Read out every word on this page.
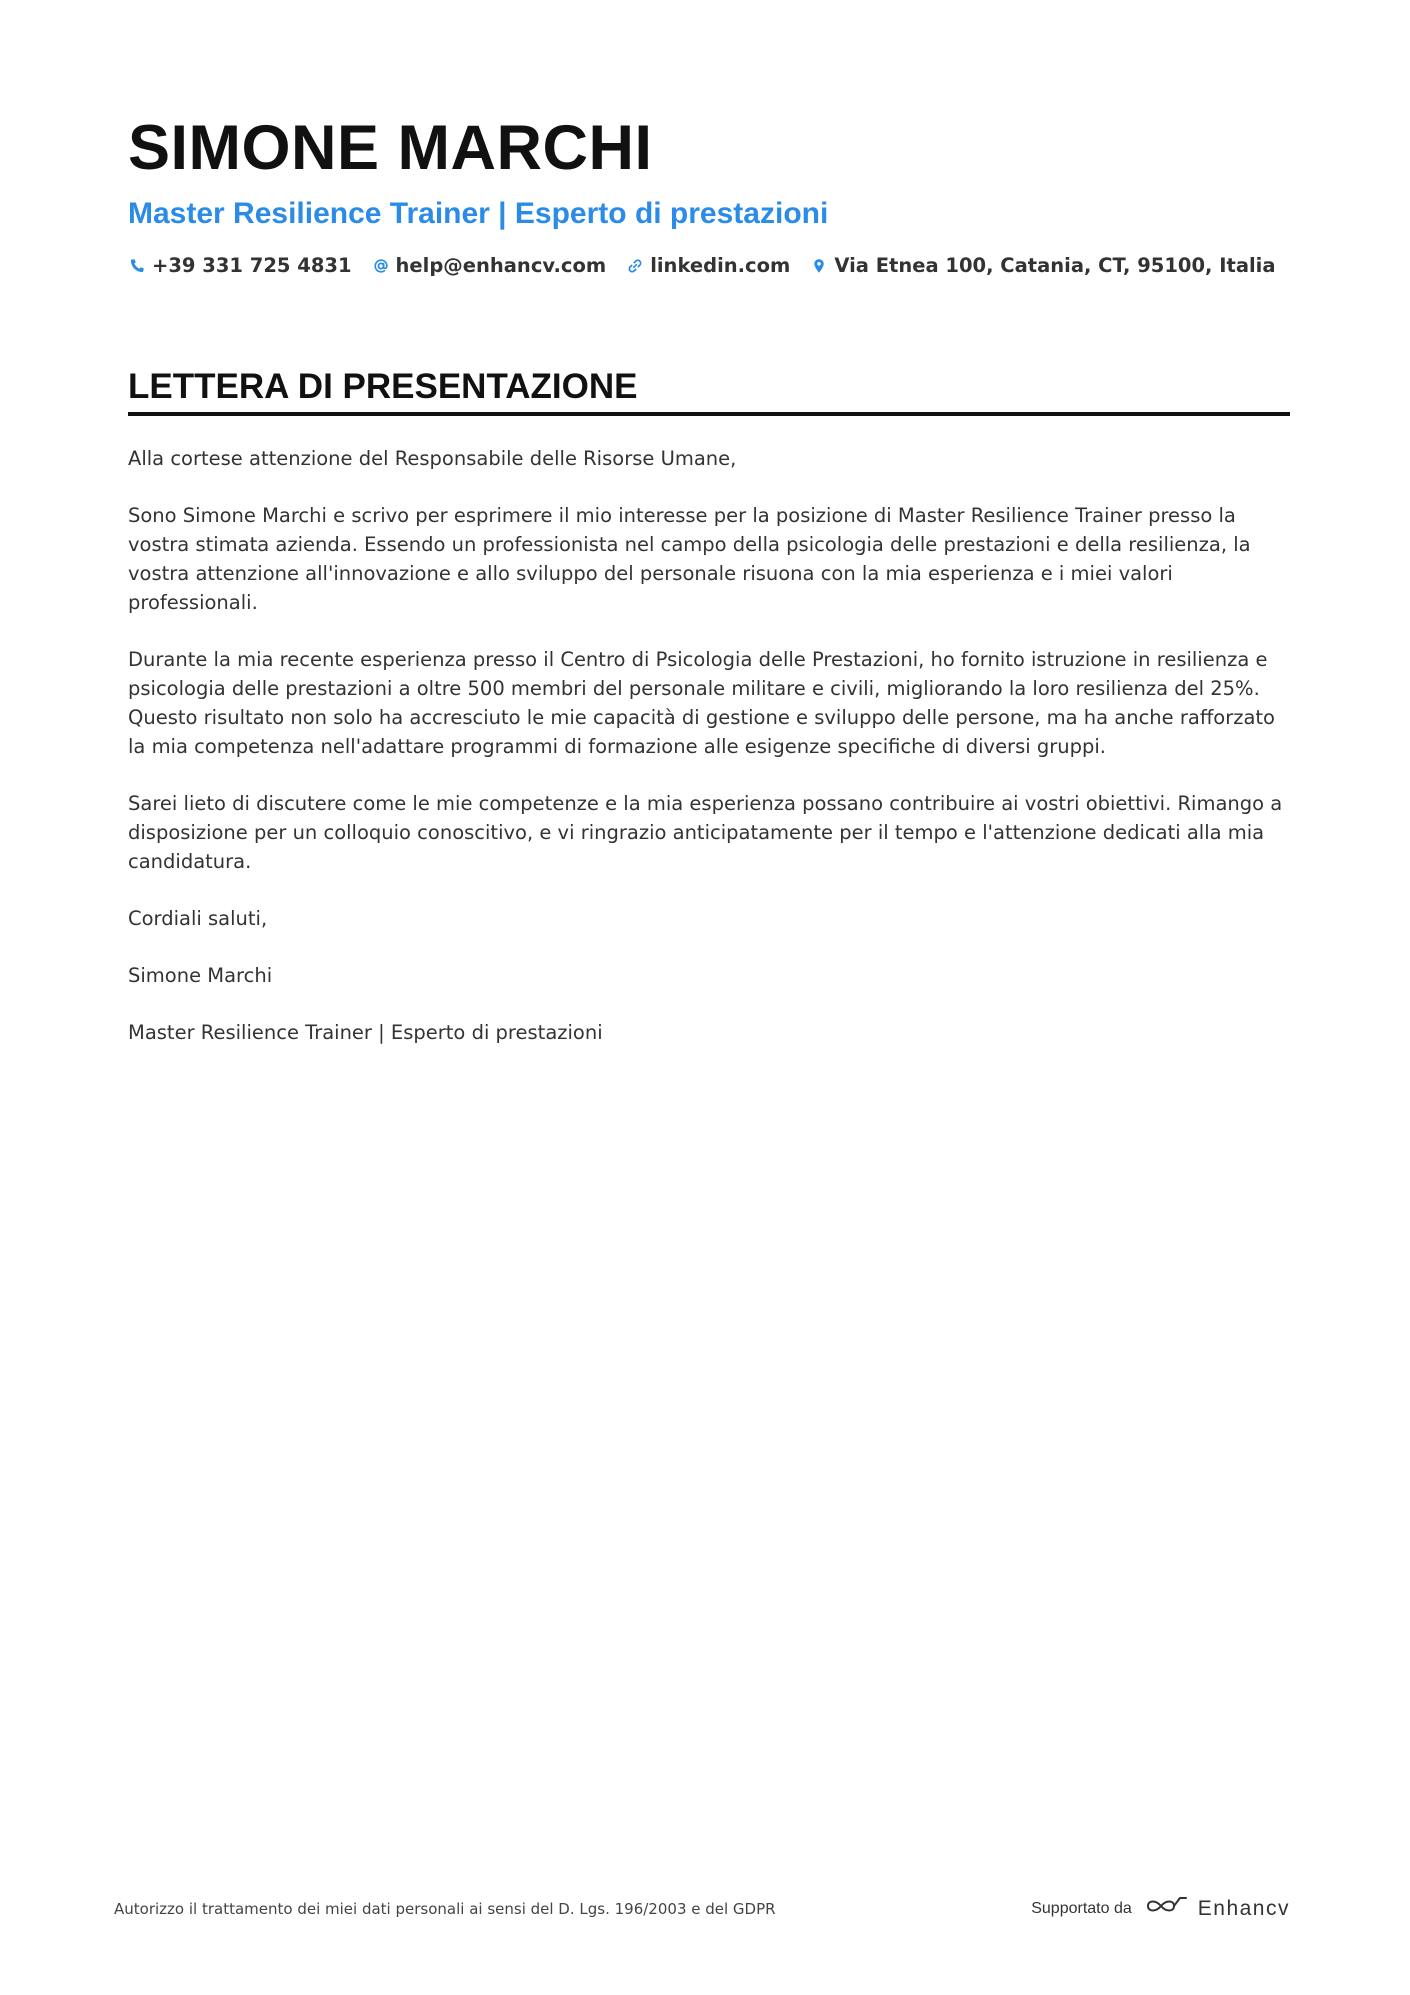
SIMONE MARCHI
Master Resilience Trainer | Esperto di prestazioni
+39 331 725 4831 help@enhancv.com linkedin.com Via Etnea 100, Catania, CT, 95100, Italia
LETTERA DI PRESENTAZIONE

Alla cortese attenzione del Responsabile delle Risorse Umane,

Sono Simone Marchi e scrivo per esprimere il mio interesse per la posizione di Master Resilience Trainer presso la vostra stimata azienda. Essendo un professionista nel campo della psicologia delle prestazioni e della resilienza, la vostra attenzione all'innovazione e allo sviluppo del personale risuona con la mia esperienza e i miei valori professionali.

Durante la mia recente esperienza presso il Centro di Psicologia delle Prestazioni, ho fornito istruzione in resilienza e psicologia delle prestazioni a oltre 500 membri del personale militare e civili, migliorando la loro resilienza del 25%. Questo risultato non solo ha accresciuto le mie capacità di gestione e sviluppo delle persone, ma ha anche rafforzato la mia competenza nell'adattare programmi di formazione alle esigenze specifiche di diversi gruppi.

Sarei lieto di discutere come le mie competenze e la mia esperienza possano contribuire ai vostri obiettivi. Rimango a disposizione per un colloquio conoscitivo, e vi ringrazio anticipatamente per il tempo e l'attenzione dedicati alla mia candidatura.

Cordiali saluti,

Simone Marchi

Master Resilience Trainer | Esperto di prestazioni

Autorizzo il trattamento dei miei dati personali ai sensi del D. Lgs. 196/2003 e del GDPR	Supportato da	Enhancv
